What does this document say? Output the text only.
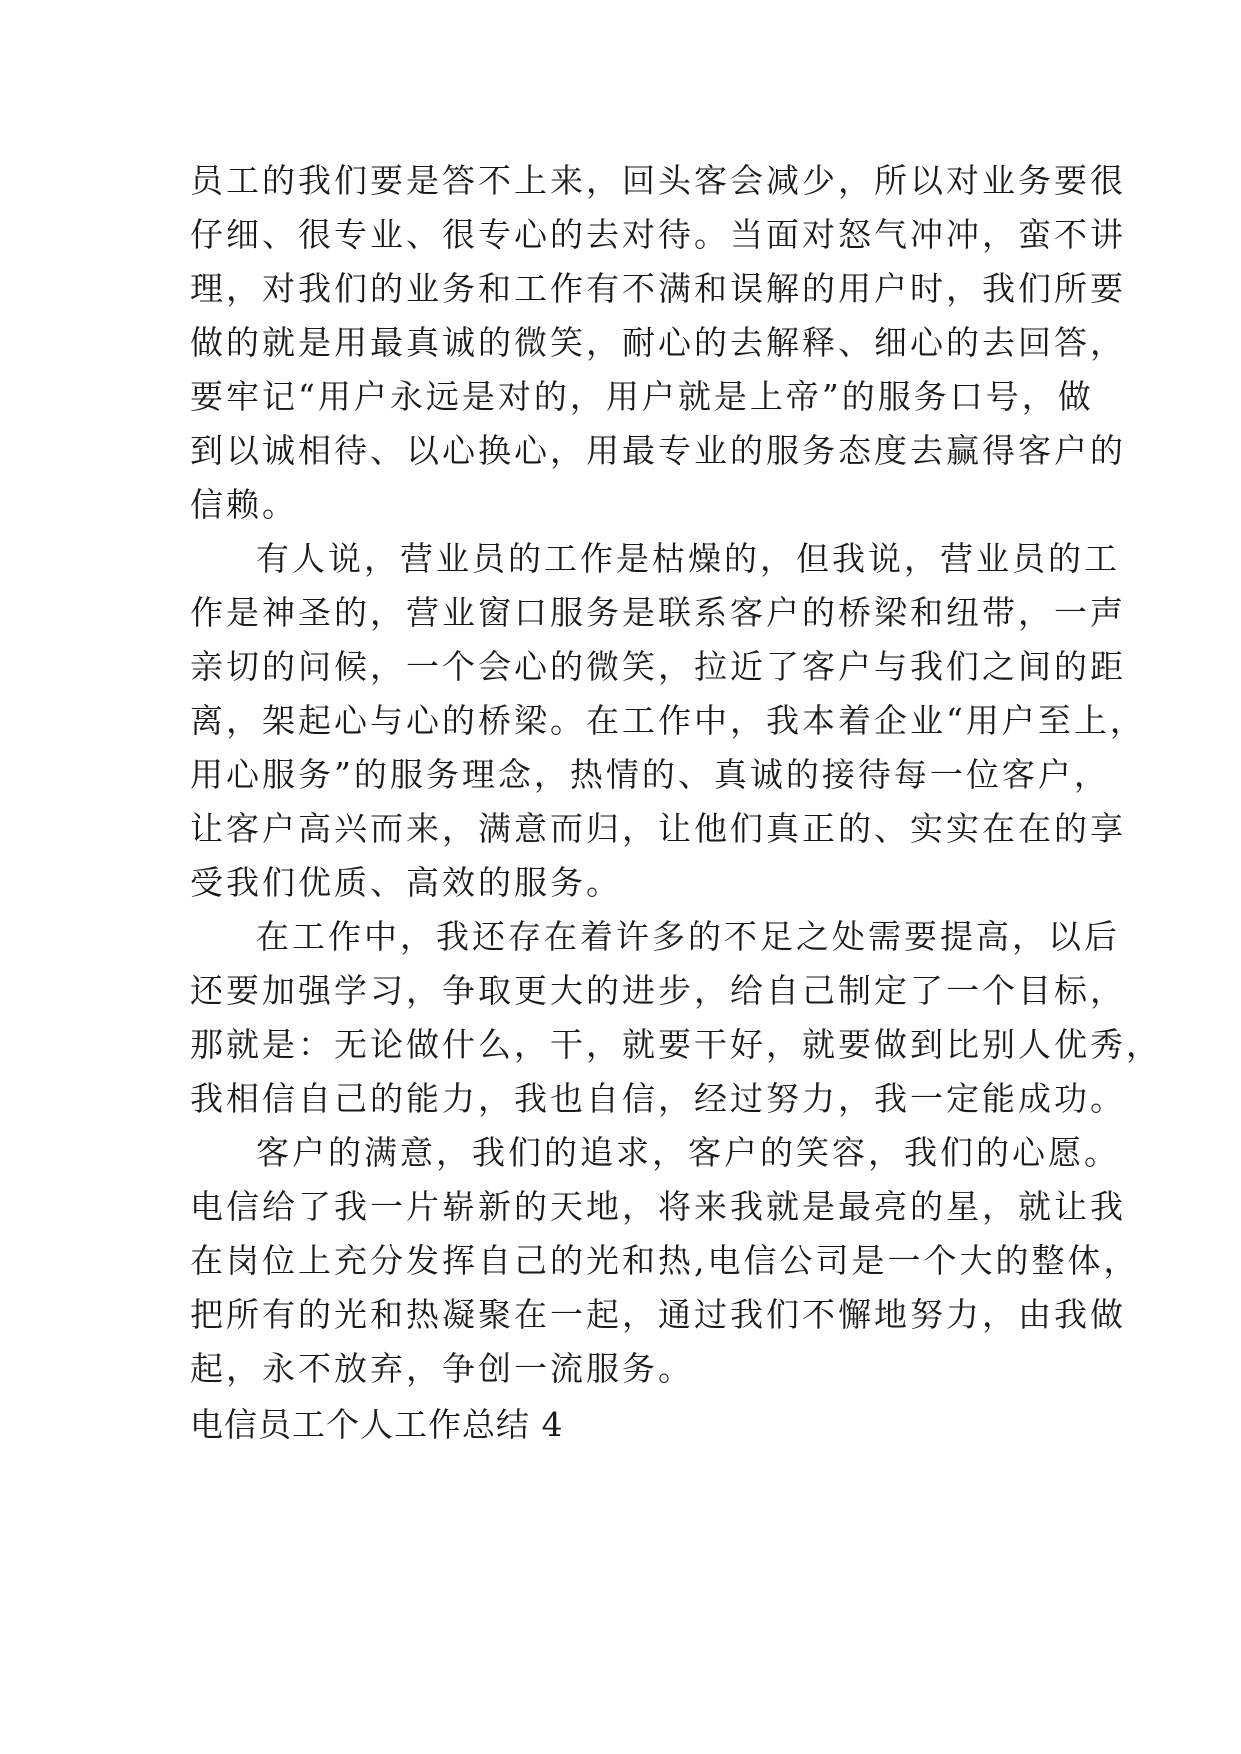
员工的我们要是答不上来，回头客会减少，所以对业务要很
仔细、很专业、很专心的去对待。当面对怒气冲冲，蛮不讲
理，对我们的业务和工作有不满和误解的用户时，我们所要
做的就是用最真诚的微笑，耐心的去解释、细心的去回答，
要牢记“用户永远是对的，用户就是上帝”的服务口号，做
到以诚相待、以心换心，用最专业的服务态度去赢得客户的
信赖。
有人说，营业员的工作是枯燥的，但我说，营业员的工
作是神圣的，营业窗口服务是联系客户的桥梁和纽带，一声
亲切的问候，一个会心的微笑，拉近了客户与我们之间的距
离，架起心与心的桥梁。在工作中，我本着企业“用户至上，
用心服务”的服务理念，热情的、真诚的接待每一位客户，
让客户高兴而来，满意而归，让他们真正的、实实在在的享
受我们优质、高效的服务。
在工作中，我还存在着许多的不足之处需要提高，以后
还要加强学习，争取更大的进步，给自己制定了一个目标，
那就是：无论做什么，干，就要干好，就要做到比别人优秀，
我相信自己的能力，我也自信，经过努力，我一定能成功。
客户的满意，我们的追求，客户的笑容，我们的心愿。
电信给了我一片崭新的天地，将来我就是最亮的星，就让我
在岗位上充分发挥自己的光和热,电信公司是一个大的整体，
把所有的光和热凝聚在一起，通过我们不懈地努力，由我做
起，永不放弃，争创一流服务。
电信员工个人工作总结 4
